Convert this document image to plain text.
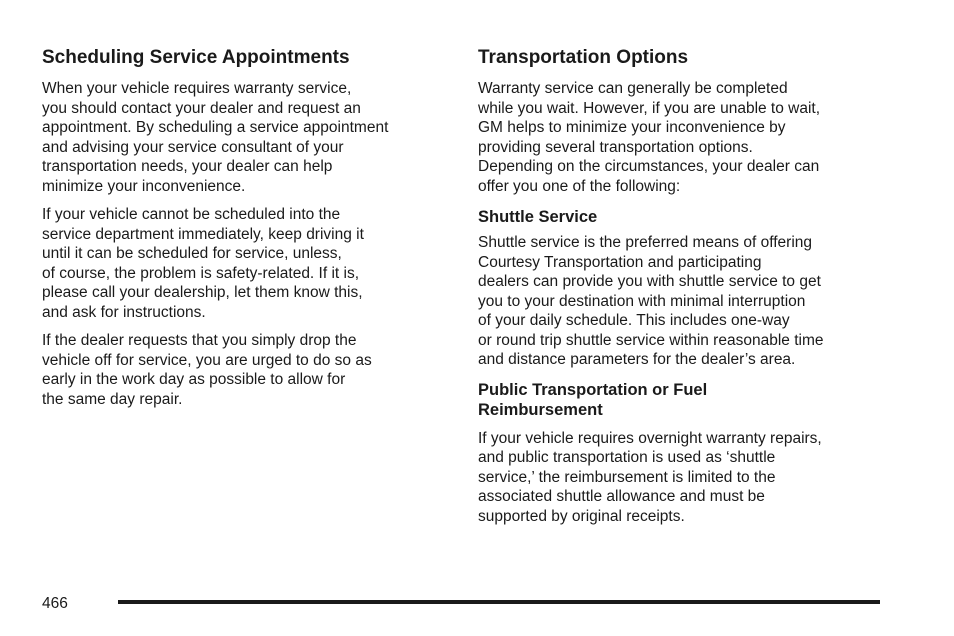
Scheduling Service Appointments

When your vehicle requires warranty service,
you should contact your dealer and request an
appointment. By scheduling a service appointment
and advising your service consultant of your
transportation needs, your dealer can help
minimize your inconvenience.

If your vehicle cannot be scheduled into the
service department immediately, keep driving it
until it can be scheduled for service, unless,
of course, the problem is safety-related. If it is,
please call your dealership, let them know this,
and ask for instructions.

If the dealer requests that you simply drop the
vehicle off for service, you are urged to do so as
early in the work day as possible to allow for
the same day repair.

Transportation Options

Warranty service can generally be completed
while you wait. However, if you are unable to wait,
GM helps to minimize your inconvenience by
providing several transportation options.
Depending on the circumstances, your dealer can
offer you one of the following:

Shuttle Service

Shuttle service is the preferred means of offering
Courtesy Transportation and participating
dealers can provide you with shuttle service to get
you to your destination with minimal interruption
of your daily schedule. This includes one-way
or round trip shuttle service within reasonable time
and distance parameters for the dealer’s area.

Public Transportation or Fuel
Reimbursement

If your vehicle requires overnight warranty repairs,
and public transportation is used as ‘shuttle
service,’ the reimbursement is limited to the
associated shuttle allowance and must be
supported by original receipts.

466
